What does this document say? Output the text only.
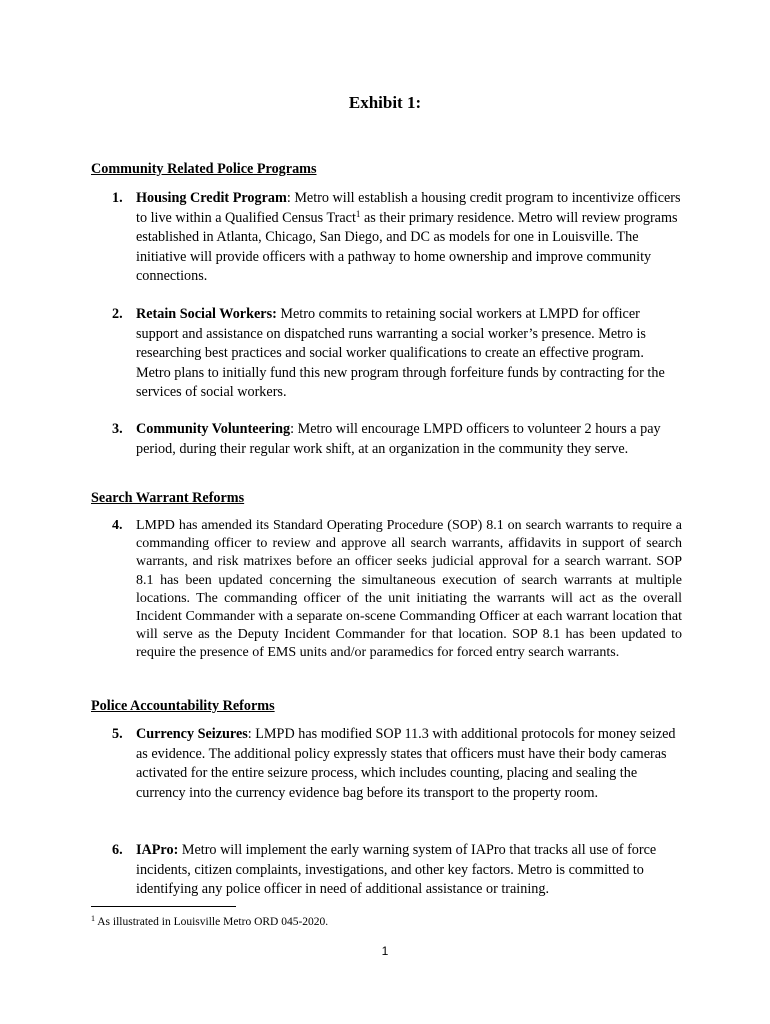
Exhibit 1:
Community Related Police Programs
1. Housing Credit Program: Metro will establish a housing credit program to incentivize officers to live within a Qualified Census Tract$^1$ as their primary residence. Metro will review programs established in Atlanta, Chicago, San Diego, and DC as models for one in Louisville. The initiative will provide officers with a pathway to home ownership and improve community connections.
2. Retain Social Workers: Metro commits to retaining social workers at LMPD for officer support and assistance on dispatched runs warranting a social worker’s presence. Metro is researching best practices and social worker qualifications to create an effective program. Metro plans to initially fund this new program through forfeiture funds by contracting for the services of social workers.
3. Community Volunteering: Metro will encourage LMPD officers to volunteer 2 hours a pay period, during their regular work shift, at an organization in the community they serve.
Search Warrant Reforms
4. LMPD has amended its Standard Operating Procedure (SOP) 8.1 on search warrants to require a commanding officer to review and approve all search warrants, affidavits in support of search warrants, and risk matrixes before an officer seeks judicial approval for a search warrant. SOP 8.1 has been updated concerning the simultaneous execution of search warrants at multiple locations. The commanding officer of the unit initiating the warrants will act as the overall Incident Commander with a separate on-scene Commanding Officer at each warrant location that will serve as the Deputy Incident Commander for that location. SOP 8.1 has been updated to require the presence of EMS units and/or paramedics for forced entry search warrants.
Police Accountability Reforms
5. Currency Seizures: LMPD has modified SOP 11.3 with additional protocols for money seized as evidence. The additional policy expressly states that officers must have their body cameras activated for the entire seizure process, which includes counting, placing and sealing the currency into the currency evidence bag before its transport to the property room.
6. IAPro: Metro will implement the early warning system of IAPro that tracks all use of force incidents, citizen complaints, investigations, and other key factors. Metro is committed to identifying any police officer in need of additional assistance or training.
$^1$ As illustrated in Louisville Metro ORD 045-2020.
1
